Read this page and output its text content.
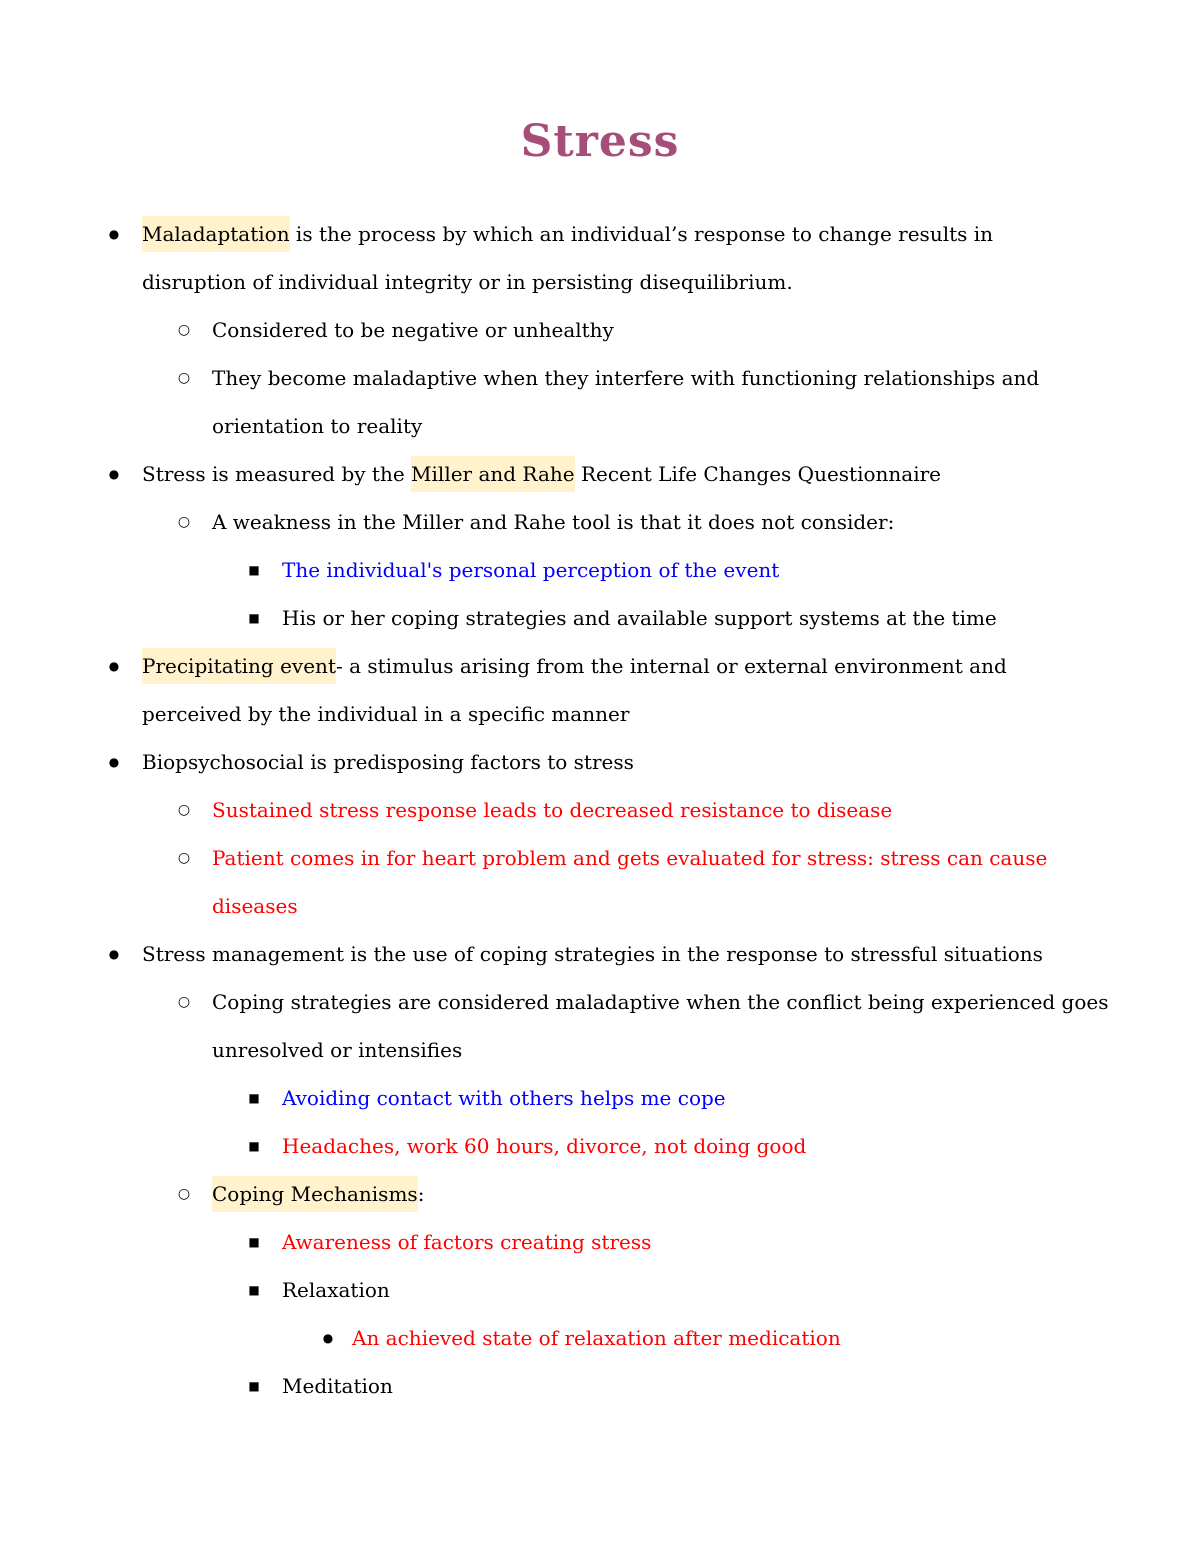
Stress
●
Maladaptation is the process by which an individual’s response to change results in
disruption of individual integrity or in persisting disequilibrium.
○
Considered to be negative or unhealthy
○
They become maladaptive when they interfere with functioning relationships and
orientation to reality
●
Stress is measured by the Miller and Rahe Recent Life Changes Questionnaire
○
A weakness in the Miller and Rahe tool is that it does not consider:
■
The individual's personal perception of the event
■
His or her coping strategies and available support systems at the time
●
Precipitating event- a stimulus arising from the internal or external environment and
perceived by the individual in a specific manner
●
Biopsychosocial is predisposing factors to stress
○
Sustained stress response leads to decreased resistance to disease
○
Patient comes in for heart problem and gets evaluated for stress: stress can cause
diseases
●
Stress management is the use of coping strategies in the response to stressful situations
○
Coping strategies are considered maladaptive when the conflict being experienced goes
unresolved or intensifies
■
Avoiding contact with others helps me cope
■
Headaches, work 60 hours, divorce, not doing good
○
Coping Mechanisms:
■
Awareness of factors creating stress
■
Relaxation
●
An achieved state of relaxation after medication
■
Meditation
